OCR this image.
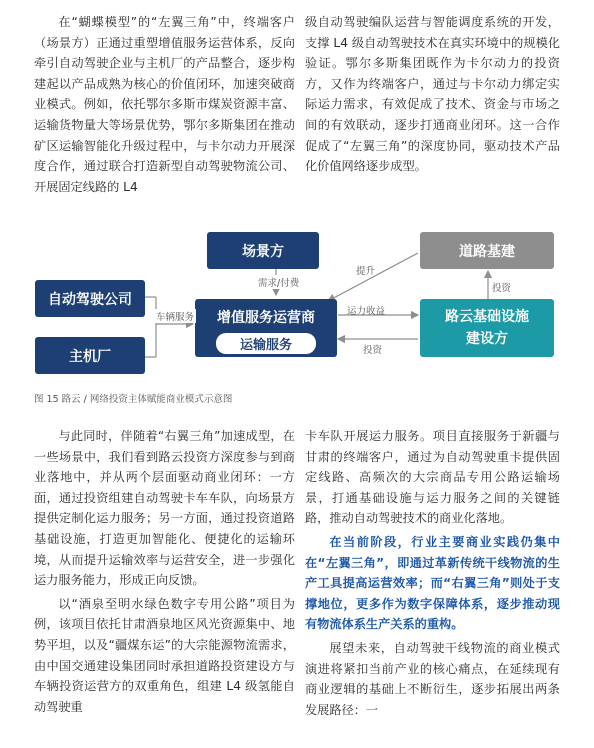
在“蝴蝶模型”的“左翼三角”中，终端客户（场景方）正通过重塑增值服务运营体系，反向牵引自动驾驶企业与主机厂的产品整合，逐步构建起以产品成熟为核心的价值闭环，加速突破商业模式。例如，依托鄂尔多斯市煤炭资源丰富、运输货物量大等场景优势，鄂尔多斯集团在推动矿区运输智能化升级过程中，与卡尔动力开展深度合作，通过联合打造新型自动驾驶物流公司、开展固定线路的 L4

级自动驾驶编队运营与智能调度系统的开发，支撑 L4 级自动驾驶技术在真实环境中的规模化验证。鄂尔多斯集团既作为卡尔动力的投资方，又作为终端客户，通过与卡尔动力绑定实际运力需求，有效促成了技术、资金与市场之间的有效联动，逐步打通商业闭环。这一合作促成了“左翼三角”的深度协同，驱动技术产品化价值网络逐步成型。

场景方	道路基建
自动驾驶公司
主机厂
增值服务运营商
运输服务
路云基础设施
建设方
需求/付费
车辆服务
运力收益
投资
投资
提升
图 15 路云 / 网络投资主体赋能商业模式示意图

与此同时，伴随着“右翼三角”加速成型，在一些场景中，我们看到路云投资方深度参与到商业落地中，并从两个层面驱动商业闭环：一方面，通过投资组建自动驾驶卡车车队，向场景方提供定制化运力服务；另一方面，通过投资道路基础设施，打造更加智能化、便捷化的运输环境，从而提升运输效率与运营安全，进一步强化运力服务能力，形成正向反馈。

以“酒泉至明水绿色数字专用公路”项目为例，该项目依托甘肃酒泉地区风光资源集中、地势平坦，以及“疆煤东运”的大宗能源物流需求，由中国交通建设集团同时承担道路投资建设方与车辆投资运营方的双重角色，组建 L4 级氢能自动驾驶重

卡车队开展运力服务。项目直接服务于新疆与甘肃的终端客户，通过为自动驾驶重卡提供固定线路、高频次的大宗商品专用公路运输场景，打通基础设施与运力服务之间的关键链路，推动自动驾驶技术的商业化落地。

在当前阶段，行业主要商业实践仍集中在“左翼三角”，即通过革新传统干线物流的生产工具提高运营效率；而“右翼三角”则处于支撑地位，更多作为数字保障体系，逐步推动现有物流体系生产关系的重构。

展望未来，自动驾驶干线物流的商业模式演进将紧扣当前产业的核心痛点，在延续现有商业逻辑的基础上不断衍生，逐步拓展出两条发展路径：一
